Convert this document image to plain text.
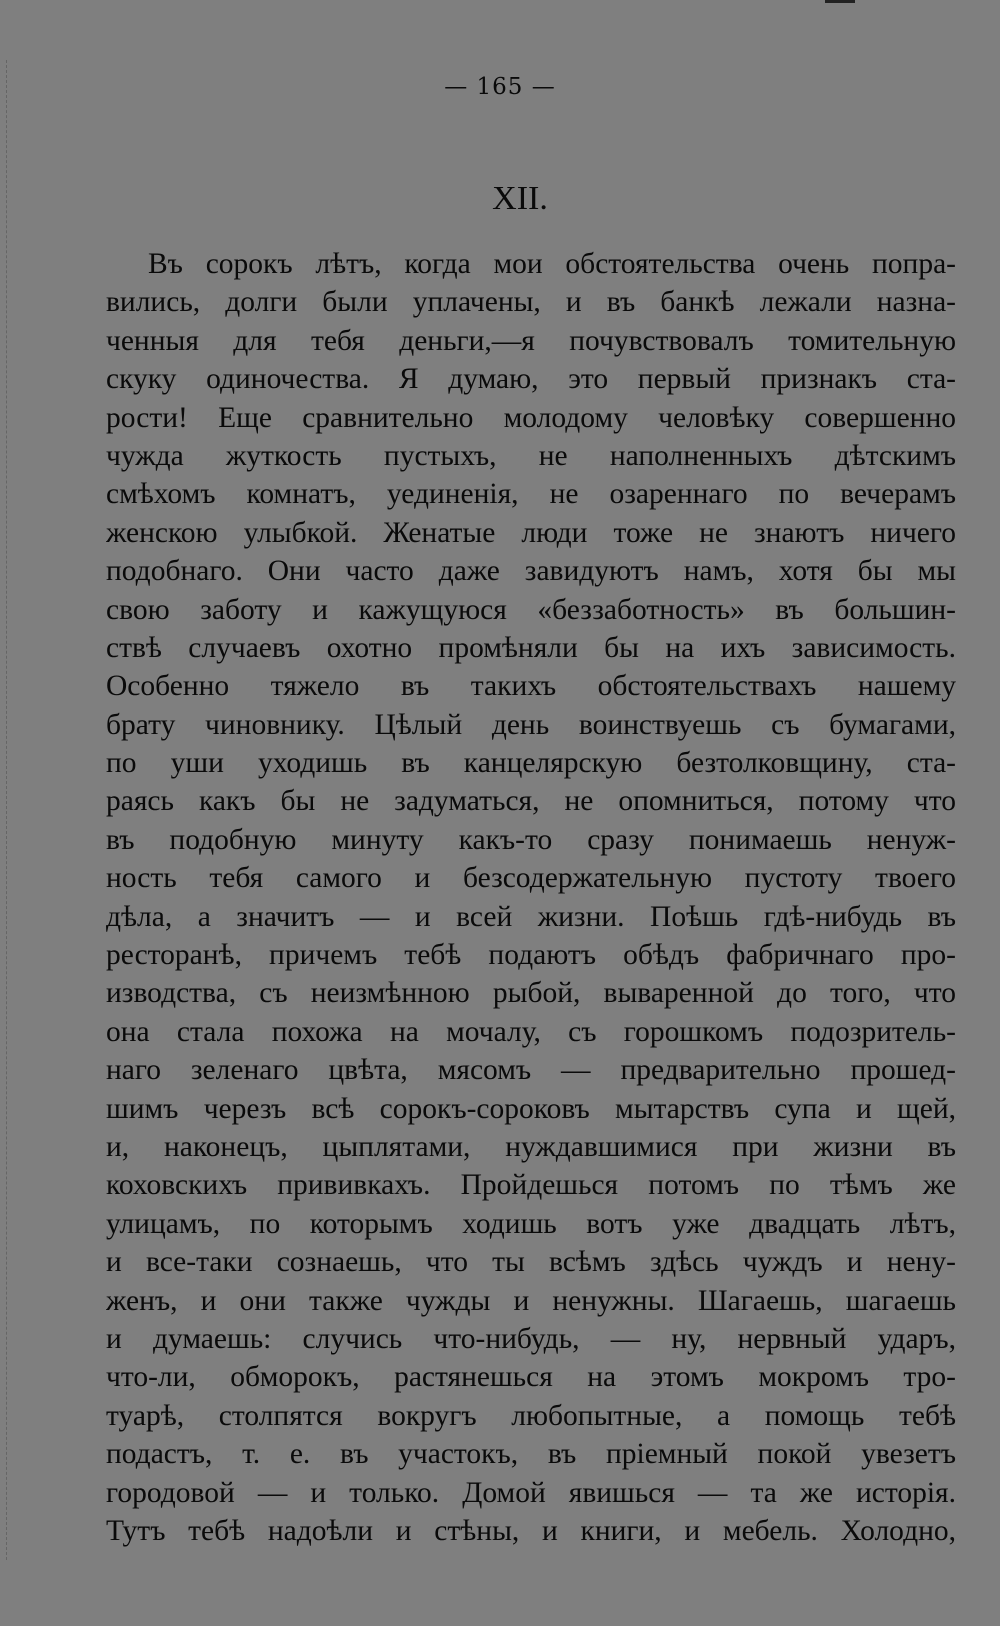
— 165 —
XII.
Въ сорокъ лѣтъ, когда мои обстоятельства очень попра-
вились, долги были уплачены, и въ банкѣ лежали назна-
ченныя для тебя деньги,—я почувствовалъ томительную
скуку одиночества. Я думаю, это первый признакъ ста-
рости! Еще сравнительно молодому человѣку совершенно
чужда жуткость пустыхъ, не наполненныхъ дѣтскимъ
смѣхомъ комнатъ, уединенія, не озареннаго по вечерамъ
женскою улыбкой. Женатые люди тоже не знаютъ ничего
подобнаго. Они часто даже завидуютъ намъ, хотя бы мы
свою заботу и кажущуюся «беззаботность» въ большин-
ствѣ случаевъ охотно промѣняли бы на ихъ зависимость.
Особенно тяжело въ такихъ обстоятельствахъ нашему
брату чиновнику. Цѣлый день воинствуешь съ бумагами,
по уши уходишь въ канцелярскую безтолковщину, ста-
раясь какъ бы не задуматься, не опомниться, потому что
въ подобную минуту какъ-то сразу понимаешь ненуж-
ность тебя самого и безсодержательную пустоту твоего
дѣла, а значитъ — и всей жизни. Поѣшь гдѣ-нибудь въ
ресторанѣ, причемъ тебѣ подаютъ обѣдъ фабричнаго про-
изводства, съ неизмѣнною рыбой, вываренной до того, что
она стала похожа на мочалу, съ горошкомъ подозритель-
наго зеленаго цвѣта, мясомъ — предварительно прошед-
шимъ черезъ всѣ сорокъ-сороковъ мытарствъ супа и щей,
и, наконецъ, цыплятами, нуждавшимися при жизни въ
коховскихъ прививкахъ. Пройдешься потомъ по тѣмъ же
улицамъ, по которымъ ходишь вотъ уже двадцать лѣтъ,
и все-таки сознаешь, что ты всѣмъ здѣсь чуждъ и ненy-
женъ, и они также чужды и ненужны. Шагаешь, шагаешь
и думаешь: случись что-нибудь, — ну, нервный ударъ,
что-ли, обморокъ, растянешься на этомъ мокромъ тро-
туарѣ, столпятся вокругъ любопытные, а помощь тебѣ
подастъ, т. е. въ участокъ, въ пріемный покой увезетъ
городовой — и только. Домой явишься — та же исторія.
Тутъ тебѣ надоѣли и стѣны, и книги, и мебель. Холодно,
